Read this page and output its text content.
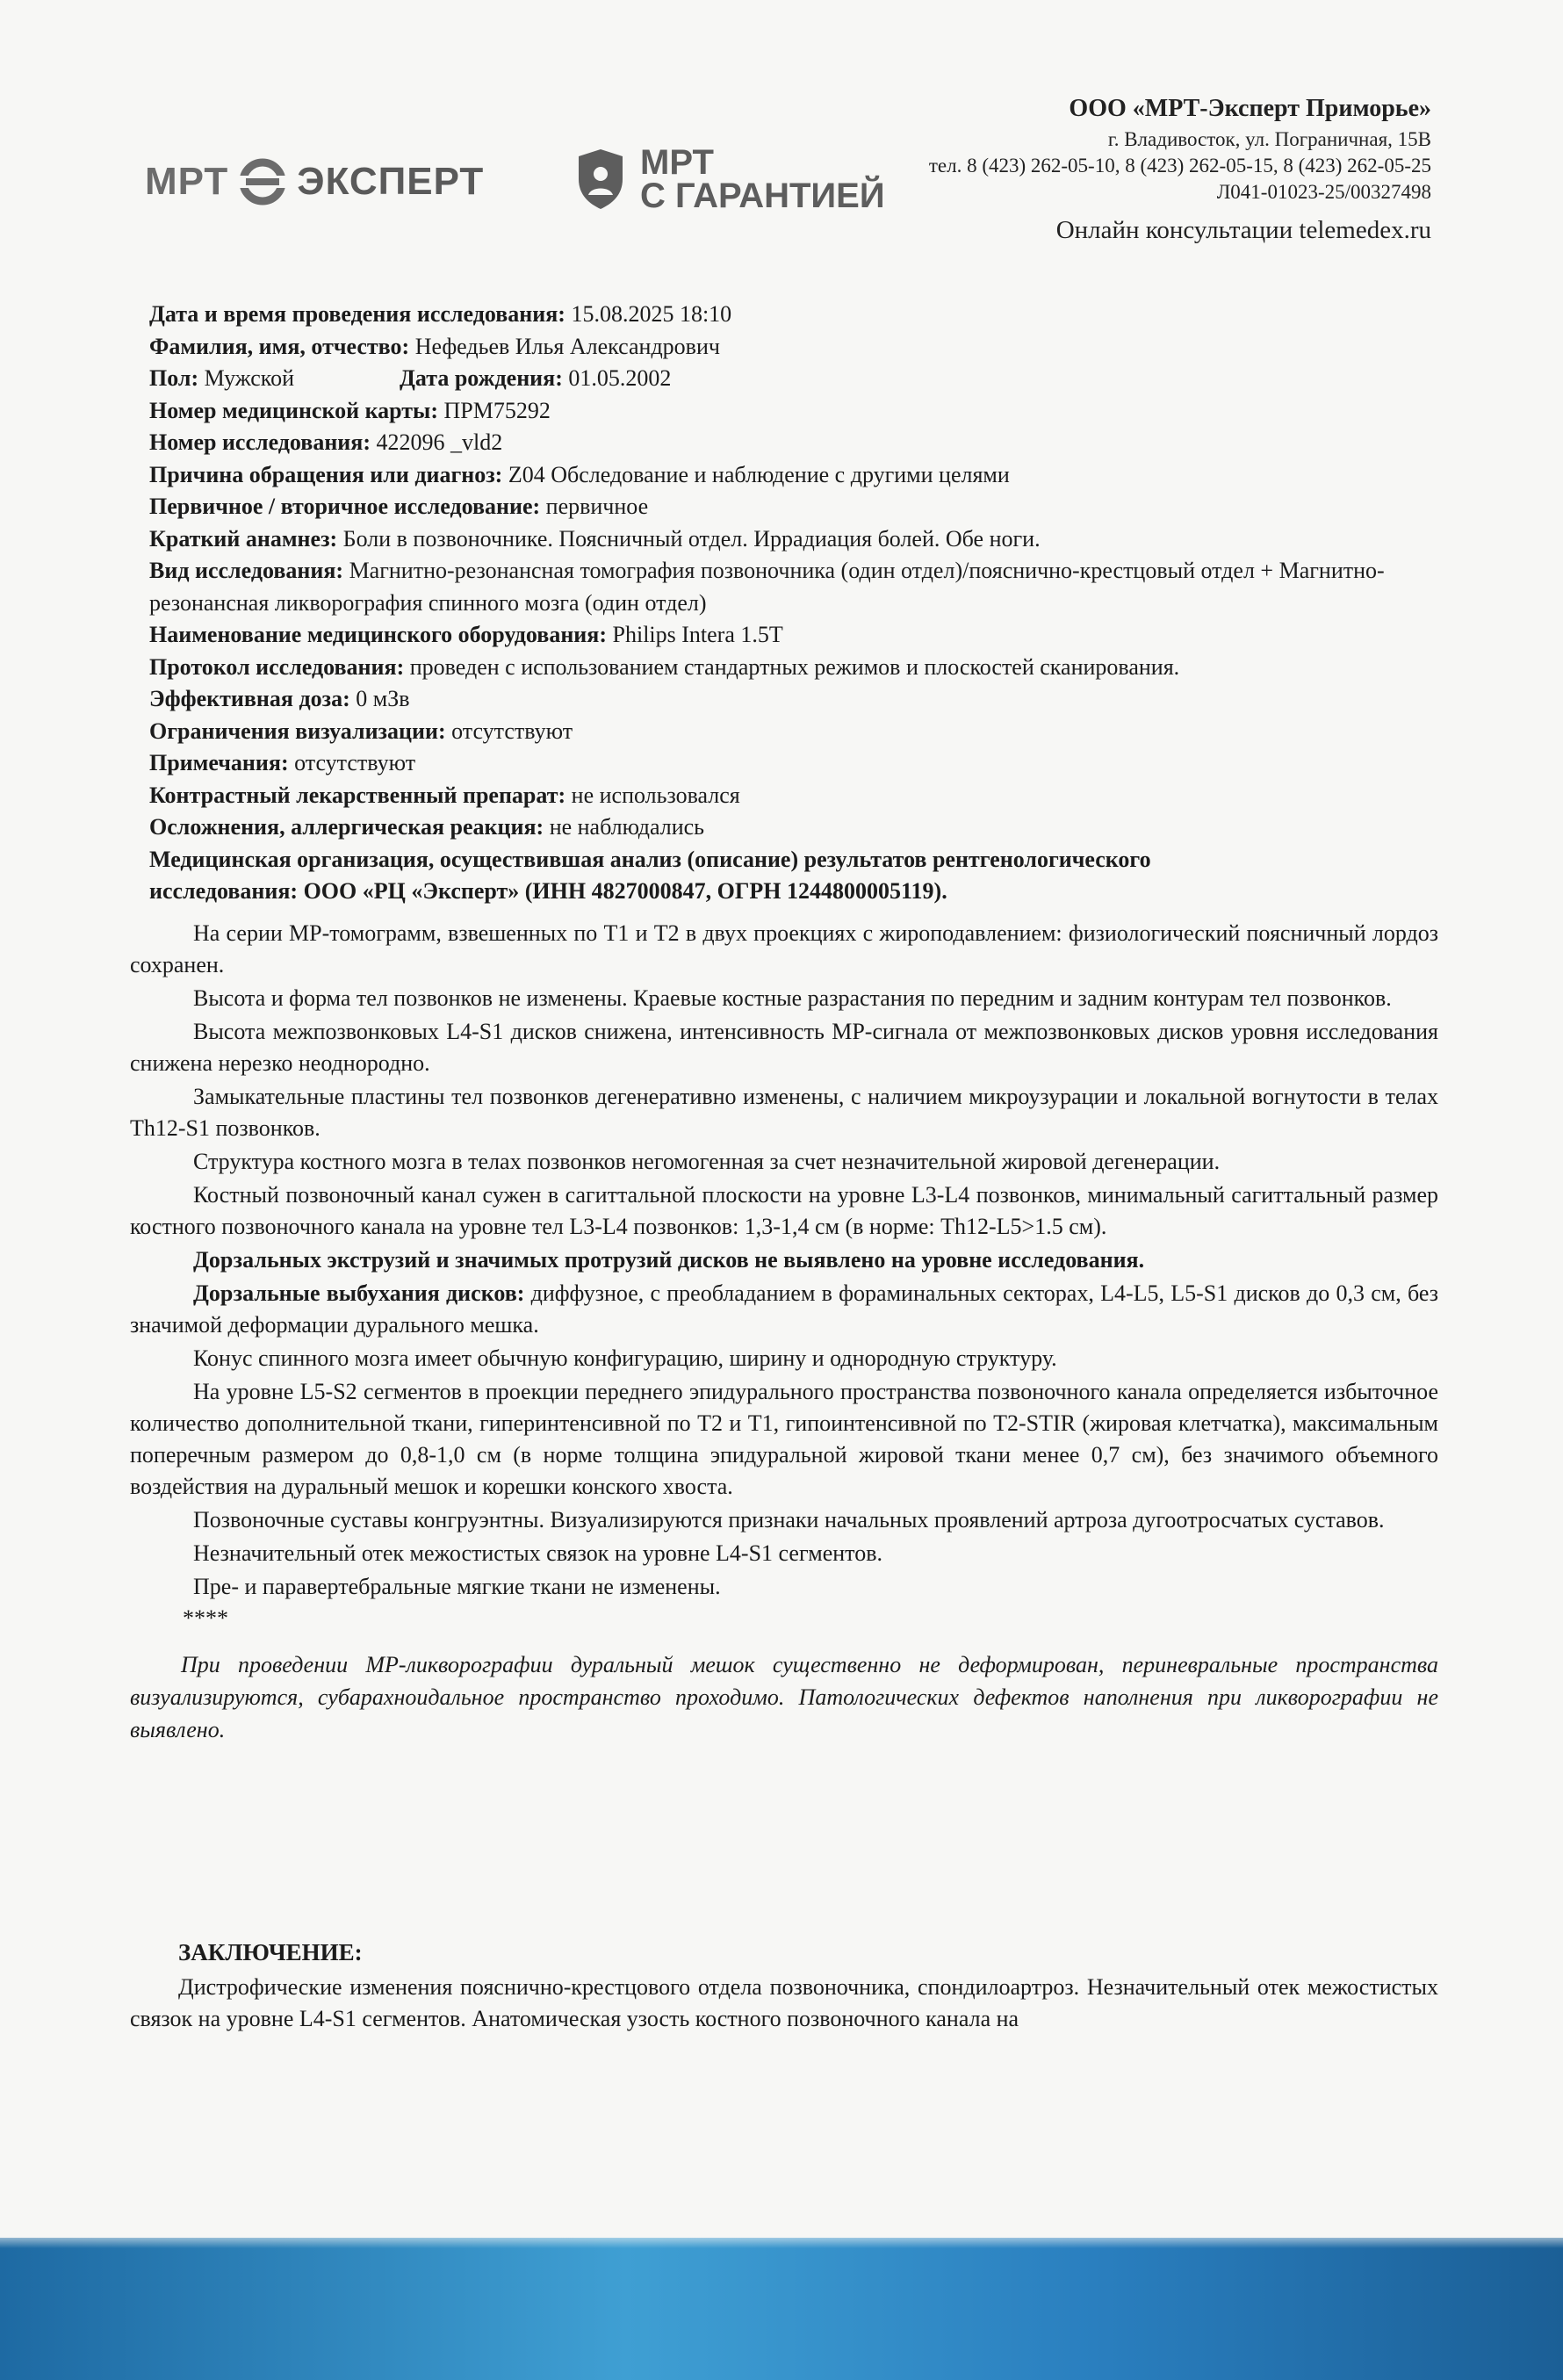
МРТ ЭКСПЕРТ	МРТ
С ГАРАНТИЕЙ
ООО «МРТ-Эксперт Приморье»
г. Владивосток, ул. Пограничная, 15В
тел. 8 (423) 262-05-10, 8 (423) 262-05-15, 8 (423) 262-05-25
Л041-01023-25/00327498
Онлайн консультации telemedex.ru
Дата и время проведения исследования: 15.08.2025 18:10
Фамилия, имя, отчество: Нефедьев Илья Александрович
Пол: Мужской	Дата рождения: 01.05.2002
Номер медицинской карты: ПРМ75292
Номер исследования: 422096 _vld2
Причина обращения или диагноз: Z04 Обследование и наблюдение с другими целями
Первичное / вторичное исследование: первичное
Краткий анамнез: Боли в позвоночнике. Поясничный отдел. Иррадиация болей. Обе ноги.
Вид исследования: Магнитно-резонансная томография позвоночника (один отдел)/пояснично-крестцовый отдел + Магнитно-резонансная ликворография спинного мозга (один отдел)
Наименование медицинского оборудования: Philips Intera 1.5T
Протокол исследования: проведен с использованием стандартных режимов и плоскостей сканирования.
Эффективная доза: 0 мЗв
Ограничения визуализации: отсутствуют
Примечания: отсутствуют
Контрастный лекарственный препарат: не использовался
Осложнения, аллергическая реакция: не наблюдались
Медицинская организация, осуществившая анализ (описание) результатов рентгенологического исследования: ООО «РЦ «Эксперт» (ИНН 4827000847, ОГРН 1244800005119).

На серии МР-томограмм, взвешенных по Т1 и Т2 в двух проекциях с жироподавлением: физиологический поясничный лордоз сохранен.

Высота и форма тел позвонков не изменены. Краевые костные разрастания по передним и задним контурам тел позвонков.

Высота межпозвонковых L4-S1 дисков снижена, интенсивность МР-сигнала от межпозвонковых дисков уровня исследования снижена нерезко неоднородно.

Замыкательные пластины тел позвонков дегенеративно изменены, с наличием микроузурации и локальной вогнутости в телах Th12-S1 позвонков.

Структура костного мозга в телах позвонков негомогенная за счет незначительной жировой дегенерации.

Костный позвоночный канал сужен в сагиттальной плоскости на уровне L3-L4 позвонков, минимальный сагиттальный размер костного позвоночного канала на уровне тел L3-L4 позвонков: 1,3-1,4 см (в норме: Th12-L5>1.5 см).

Дорзальных экструзий и значимых протрузий дисков не выявлено на уровне исследования.

Дорзальные выбухания дисков: диффузное, с преобладанием в фораминальных секторах, L4-L5, L5-S1 дисков до 0,3 см, без значимой деформации дурального мешка.

Конус спинного мозга имеет обычную конфигурацию, ширину и однородную структуру.

На уровне L5-S2 сегментов в проекции переднего эпидурального пространства позвоночного канала определяется избыточное количество дополнительной ткани, гиперинтенсивной по Т2 и Т1, гипоинтенсивной по Т2-STIR (жировая клетчатка), максимальным поперечным размером до 0,8-1,0 см (в норме толщина эпидуральной жировой ткани менее 0,7 см), без значимого объемного воздействия на дуральный мешок и корешки конского хвоста.

Позвоночные суставы конгруэнтны. Визуализируются признаки начальных проявлений артроза дугоотросчатых суставов.

Незначительный отек межостистых связок на уровне L4-S1 сегментов.

Пре- и паравертебральные мягкие ткани не изменены.

****

При проведении МР-ликворографии дуральный мешок существенно не деформирован, периневральные пространства визуализируются, субарахноидальное пространство проходимо. Патологических дефектов наполнения при ликворографии не выявлено.

ЗАКЛЮЧЕНИЕ:

Дистрофические изменения пояснично-крестцового отдела позвоночника, спондилоартроз. Незначительный отек межостистых связок на уровне L4-S1 сегментов. Анатомическая узость костного позвоночного канала на
